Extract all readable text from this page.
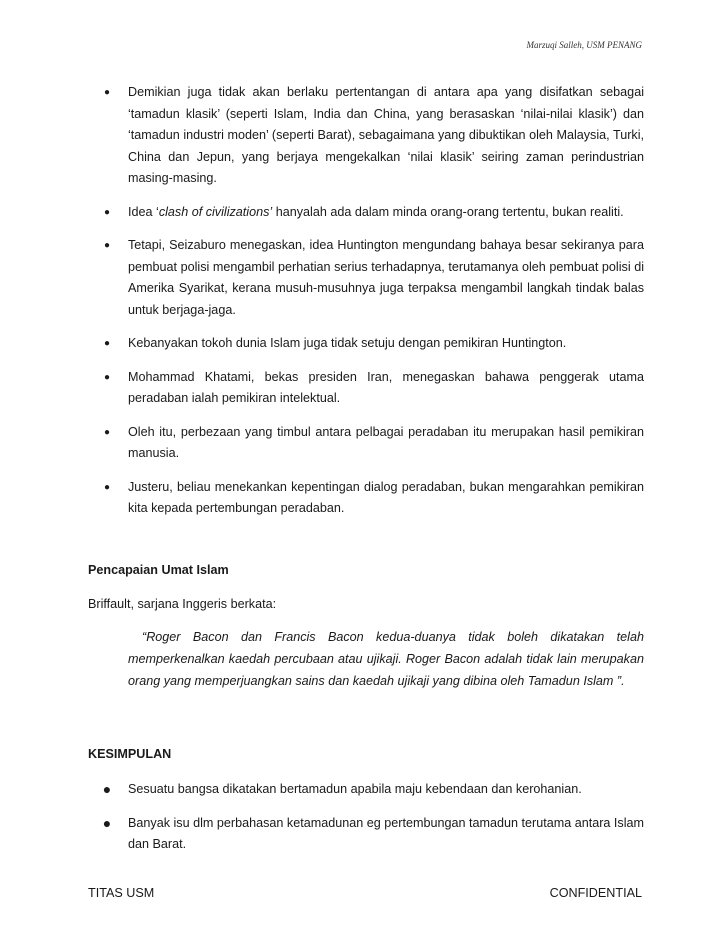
Marzuqi Salleh, USM PENANG
● Demikian juga tidak akan berlaku pertentangan di antara apa yang disifatkan sebagai ‘tamadun klasik’ (seperti Islam, India dan China, yang berasaskan ‘nilai-nilai klasik’) dan ‘tamadun industri moden’ (seperti Barat), sebagaimana yang dibuktikan oleh Malaysia, Turki, China dan Jepun, yang berjaya mengekalkan ‘nilai klasik’ seiring zaman perindustrian masing-masing.
● Idea ‘clash of civilizations’ hanyalah ada dalam minda orang-orang tertentu, bukan realiti.
● Tetapi, Seizaburo menegaskan, idea Huntington mengundang bahaya besar sekiranya para pembuat polisi mengambil perhatian serius terhadapnya, terutamanya oleh pembuat polisi di Amerika Syarikat, kerana musuh-musuhnya juga terpaksa mengambil langkah tindak balas untuk berjaga-jaga.
● Kebanyakan tokoh dunia Islam juga tidak setuju dengan pemikiran Huntington.
● Mohammad Khatami, bekas presiden Iran, menegaskan bahawa penggerak utama peradaban ialah pemikiran intelektual.
● Oleh itu, perbezaan yang timbul antara pelbagai peradaban itu merupakan hasil pemikiran manusia.
● Justeru, beliau menekankan kepentingan dialog peradaban, bukan mengarahkan pemikiran kita kepada pertembungan peradaban.
Pencapaian Umat Islam
Briffault, sarjana Inggeris berkata:
“Roger Bacon dan Francis Bacon kedua-duanya tidak boleh dikatakan telah memperkenalkan kaedah percubaan atau ujikaji. Roger Bacon adalah tidak lain merupakan orang yang memperjuangkan sains dan kaedah ujikaji yang dibina oleh Tamadun Islam ”.
KESIMPULAN
● Sesuatu bangsa dikatakan bertamadun apabila maju kebendaan dan kerohanian.
● Banyak isu dlm perbahasan ketamadunan eg pertembungan tamadun terutama antara Islam dan Barat.
TITAS USM	CONFIDENTIAL
